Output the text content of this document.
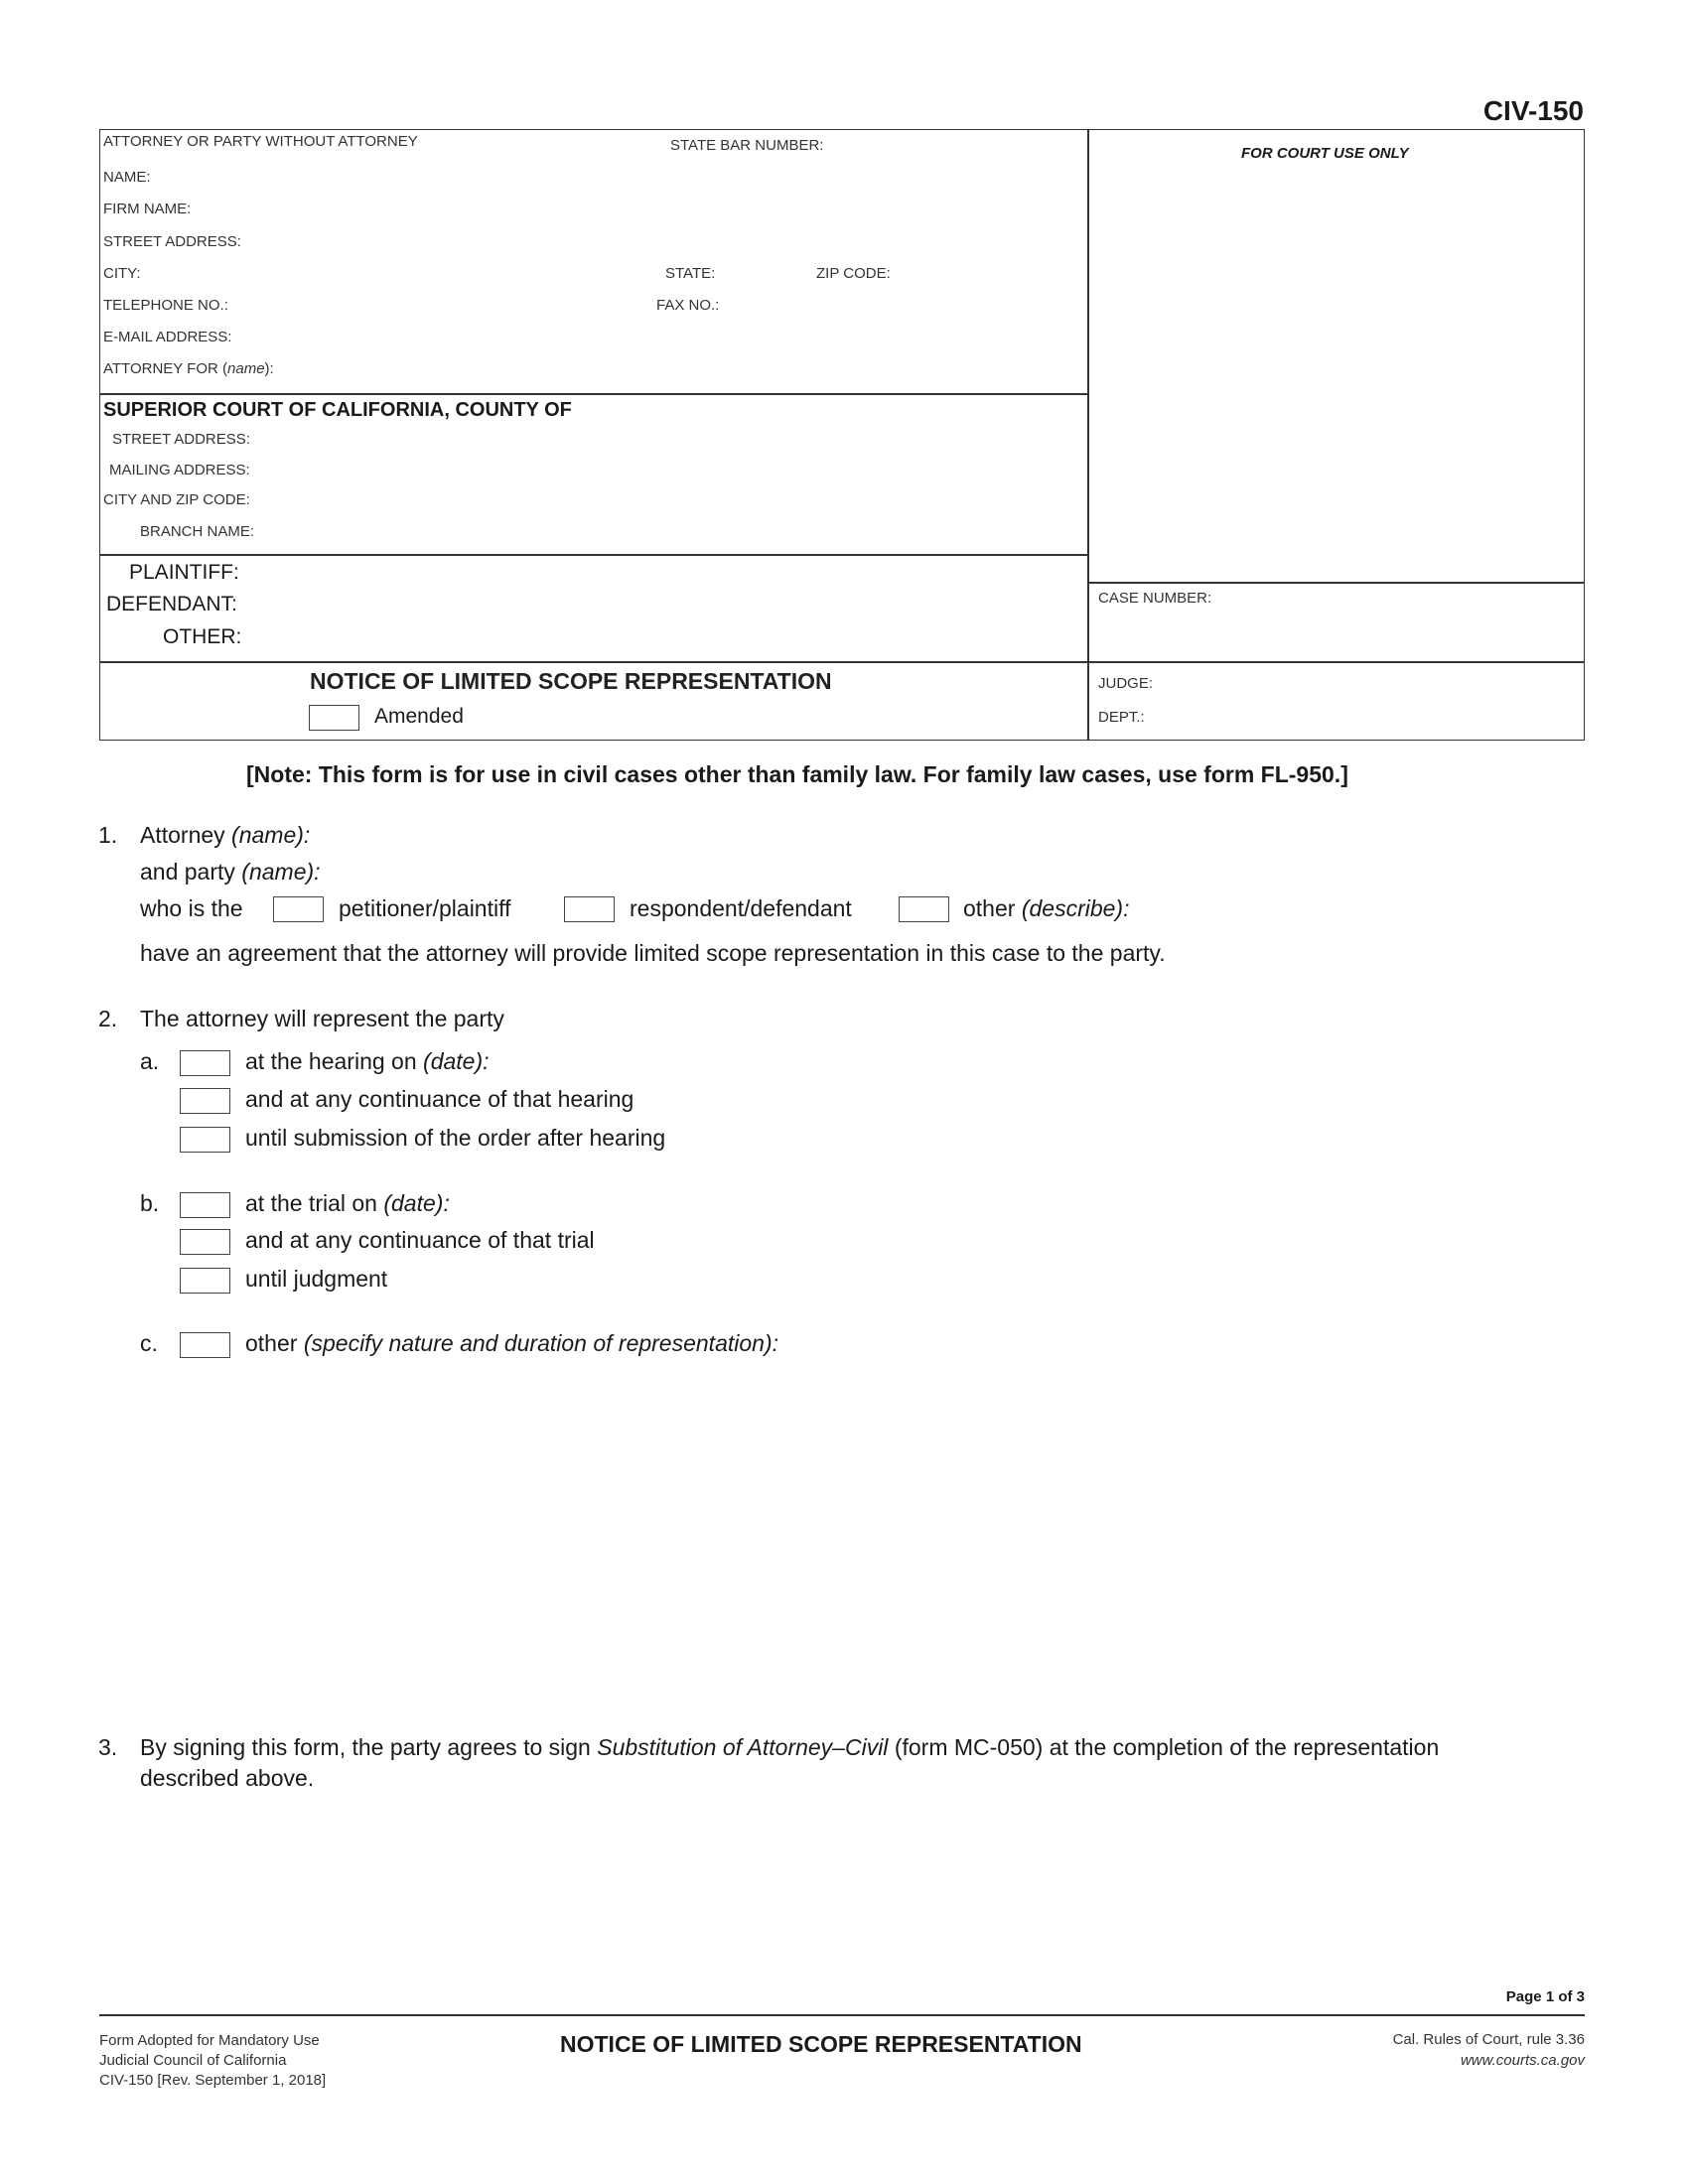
CIV-150
ATTORNEY OR PARTY WITHOUT ATTORNEY	STATE BAR NUMBER:
NAME:
FIRM NAME:
STREET ADDRESS:
CITY:	STATE:	ZIP CODE:
TELEPHONE NO.:	FAX NO.:
E-MAIL ADDRESS:
ATTORNEY FOR (name):
FOR COURT USE ONLY
SUPERIOR COURT OF CALIFORNIA, COUNTY OF
STREET ADDRESS:
MAILING ADDRESS:
CITY AND ZIP CODE:
BRANCH NAME:
PLAINTIFF:
DEFENDANT:
OTHER:
CASE NUMBER:
NOTICE OF LIMITED SCOPE REPRESENTATION
Amended
JUDGE:
DEPT.:
[Note: This form is for use in civil cases other than family law. For family law cases, use form FL-950.]
1. Attorney (name):
and party (name):
who is the	petitioner/plaintiff	respondent/defendant	other (describe):
have an agreement that the attorney will provide limited scope representation in this case to the party.
2. The attorney will represent the party
a.	at the hearing on (date):
and at any continuance of that hearing
until submission of the order after hearing
b.	at the trial on (date):
and at any continuance of that trial
until judgment
c.	other (specify nature and duration of representation):
3. By signing this form, the party agrees to sign Substitution of Attorney–Civil (form MC-050) at the completion of the representation
described above.
Page 1 of 3
Form Adopted for Mandatory Use
Judicial Council of California
CIV-150 [Rev. September 1, 2018]
NOTICE OF LIMITED SCOPE REPRESENTATION	Cal. Rules of Court, rule 3.36
www.courts.ca.gov
